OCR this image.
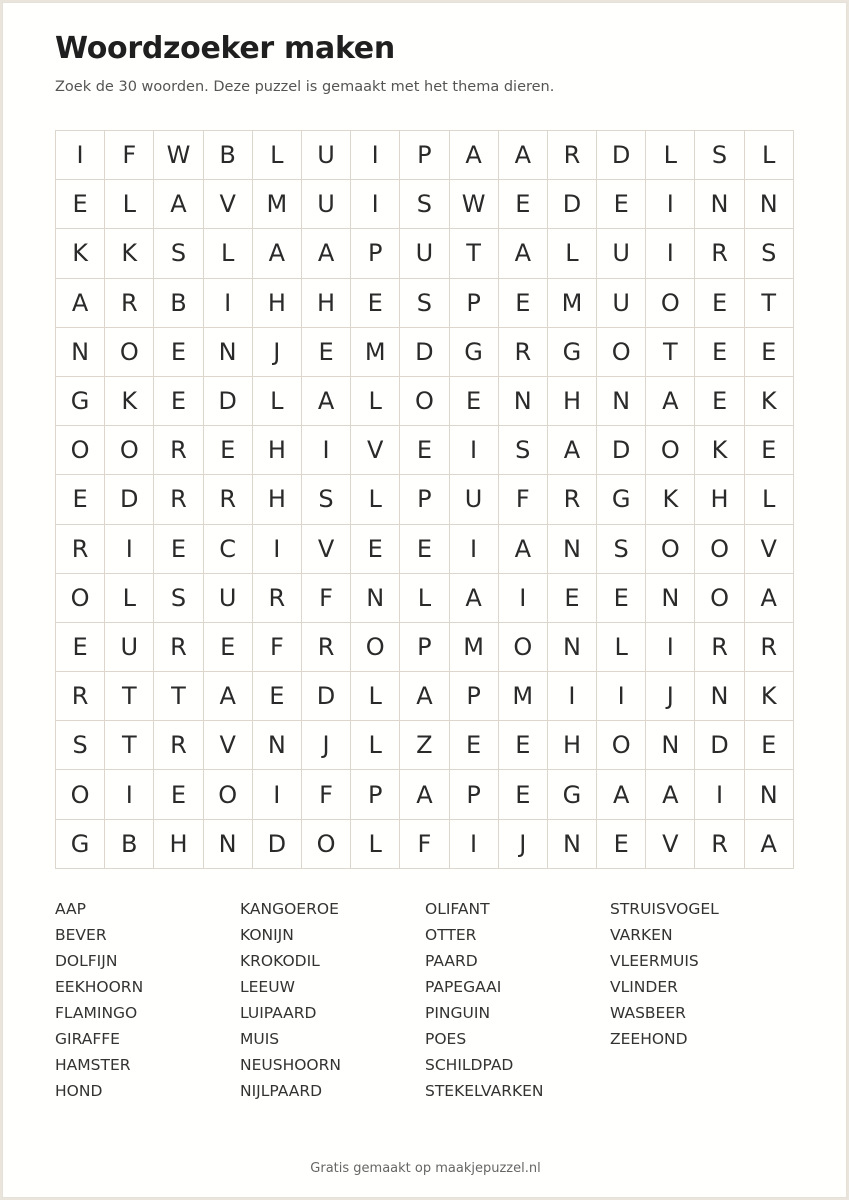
Woordzoeker maken
Zoek de 30 woorden. Deze puzzel is gemaakt met het thema dieren.
I	F	W	B	L	U	I	P	A	A	R	D	L	S	L
E	L	A	V	M	U	I	S	W	E	D	E	I	N	N
K	K	S	L	A	A	P	U	T	A	L	U	I	R	S
A	R	B	I	H	H	E	S	P	E	M	U	O	E	T
N	O	E	N	J	E	M	D	G	R	G	O	T	E	E
G	K	E	D	L	A	L	O	E	N	H	N	A	E	K
O	O	R	E	H	I	V	E	I	S	A	D	O	K	E
E	D	R	R	H	S	L	P	U	F	R	G	K	H	L
R	I	E	C	I	V	E	E	I	A	N	S	O	O	V
O	L	S	U	R	F	N	L	A	I	E	E	N	O	A
E	U	R	E	F	R	O	P	M	O	N	L	I	R	R
R	T	T	A	E	D	L	A	P	M	I	I	J	N	K
S	T	R	V	N	J	L	Z	E	E	H	O	N	D	E
O	I	E	O	I	F	P	A	P	E	G	A	A	I	N
G	B	H	N	D	O	L	F	I	J	N	E	V	R	A
AAP
BEVER
DOLFIJN
EEKHOORN
FLAMINGO
GIRAFFE
HAMSTER
HOND
KANGOEROE
KONIJN
KROKODIL
LEEUW
LUIPAARD
MUIS
NEUSHOORN
NIJLPAARD
OLIFANT
OTTER
PAARD
PAPEGAAI
PINGUIN
POES
SCHILDPAD
STEKELVARKEN
STRUISVOGEL
VARKEN
VLEERMUIS
VLINDER
WASBEER
ZEEHOND
Gratis gemaakt op maakjepuzzel.nl
